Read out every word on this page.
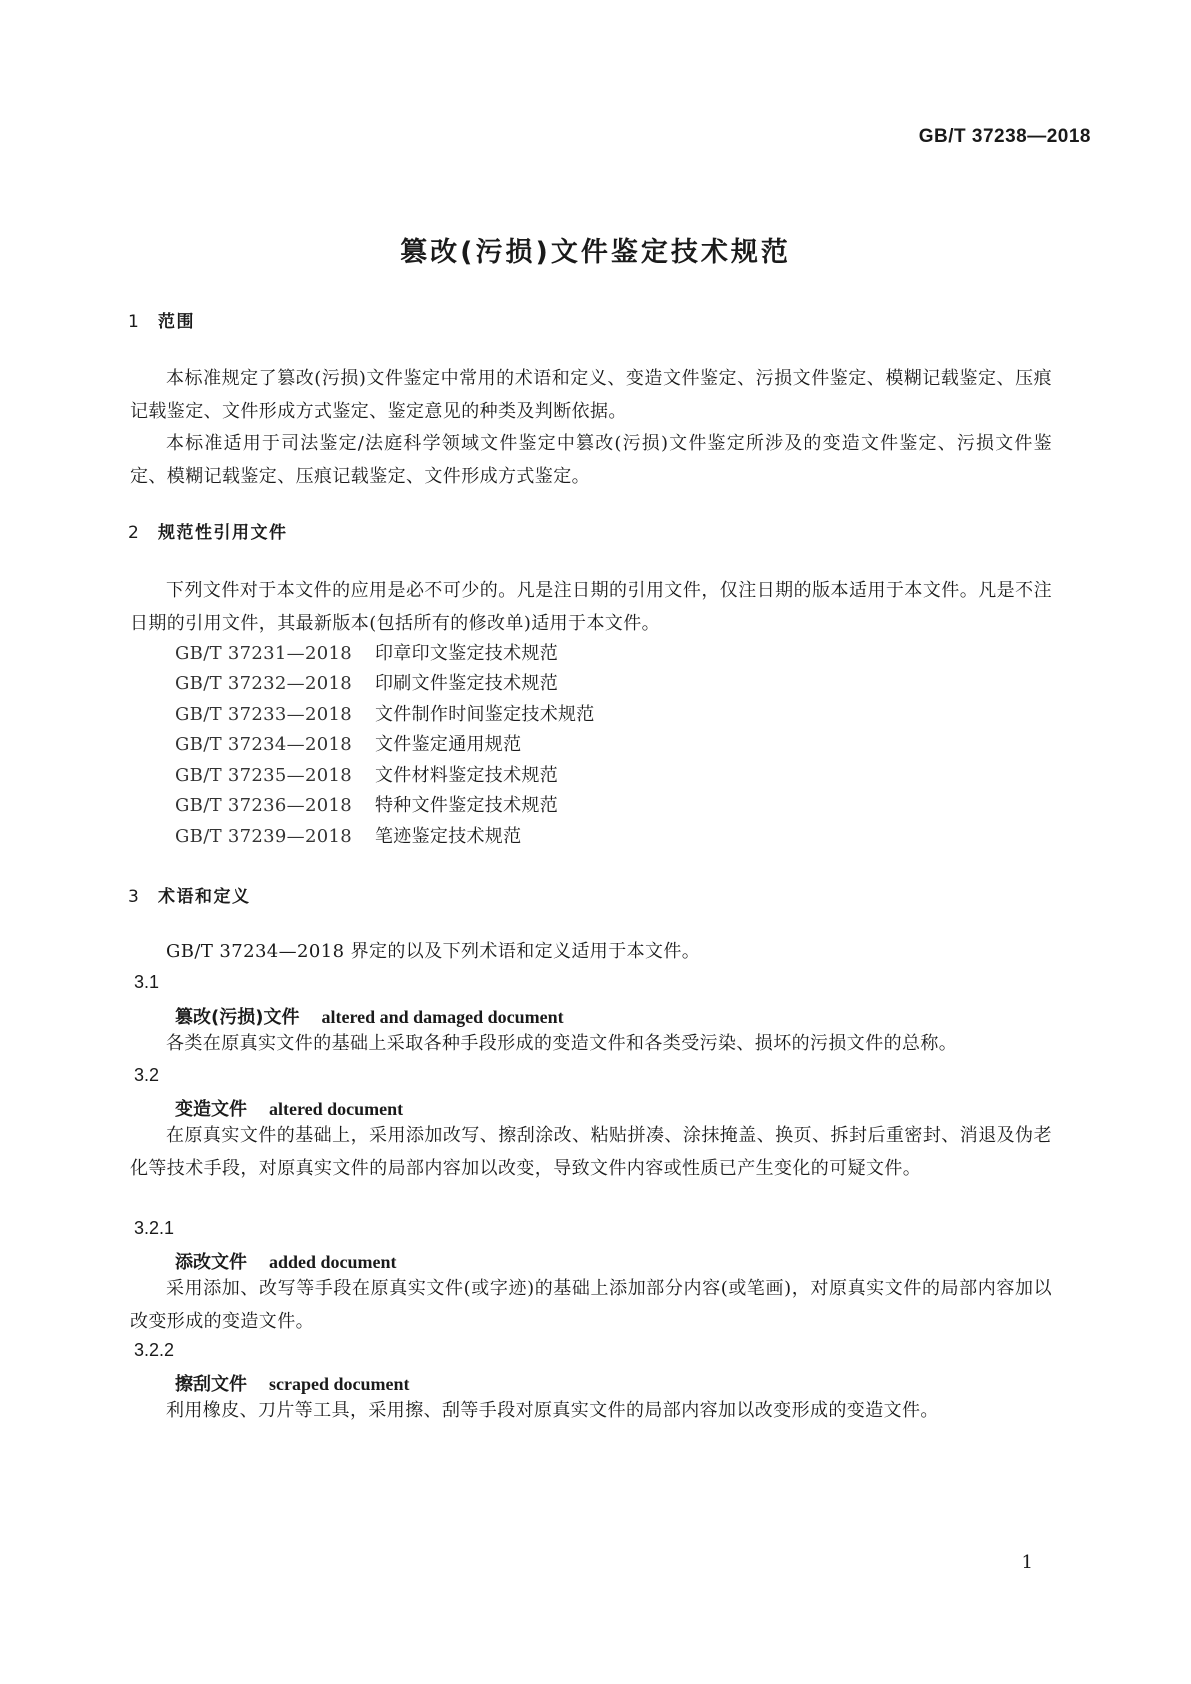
GB/T 37238—2018
篡改(污损)文件鉴定技术规范
1 范围
本标准规定了篡改(污损)文件鉴定中常用的术语和定义、变造文件鉴定、污损文件鉴定、模糊记载鉴定、压痕记载鉴定、文件形成方式鉴定、鉴定意见的种类及判断依据。
本标准适用于司法鉴定/法庭科学领域文件鉴定中篡改(污损)文件鉴定所涉及的变造文件鉴定、污损文件鉴定、模糊记载鉴定、压痕记载鉴定、文件形成方式鉴定。
2 规范性引用文件
下列文件对于本文件的应用是必不可少的。凡是注日期的引用文件，仅注日期的版本适用于本文件。凡是不注日期的引用文件，其最新版本(包括所有的修改单)适用于本文件。
GB/T 37231—2018 印章印文鉴定技术规范
GB/T 37232—2018 印刷文件鉴定技术规范
GB/T 37233—2018 文件制作时间鉴定技术规范
GB/T 37234—2018 文件鉴定通用规范
GB/T 37235—2018 文件材料鉴定技术规范
GB/T 37236—2018 特种文件鉴定技术规范
GB/T 37239—2018 笔迹鉴定技术规范
3 术语和定义
GB/T 37234—2018 界定的以及下列术语和定义适用于本文件。
3.1
篡改(污损)文件 altered and damaged document
各类在原真实文件的基础上采取各种手段形成的变造文件和各类受污染、损坏的污损文件的总称。
3.2
变造文件 altered document
在原真实文件的基础上，采用添加改写、擦刮涂改、粘贴拼凑、涂抹掩盖、换页、拆封后重密封、消退及伪老化等技术手段，对原真实文件的局部内容加以改变，导致文件内容或性质已产生变化的可疑文件。
3.2.1
添改文件 added document
采用添加、改写等手段在原真实文件(或字迹)的基础上添加部分内容(或笔画)，对原真实文件的局部内容加以改变形成的变造文件。
3.2.2
擦刮文件 scraped document
利用橡皮、刀片等工具，采用擦、刮等手段对原真实文件的局部内容加以改变形成的变造文件。
1
